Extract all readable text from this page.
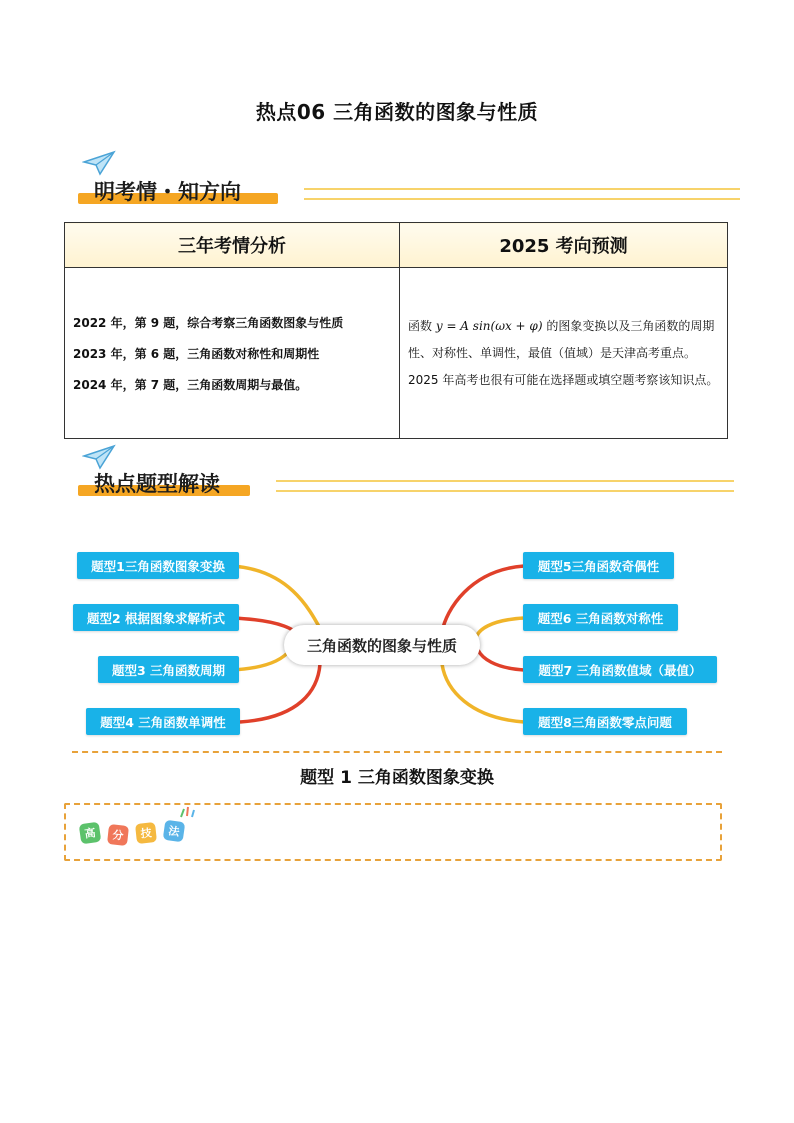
热点06 三角函数的图象与性质
明考情・知方向
三年考情分析	2025 考向预测

2022 年，第 9 题，综合考察三角函数图象与性质
2023 年，第 6 题，三角函数对称性和周期性
2024 年，第 7 题，三角函数周期与最值。	函数 y = A sin(ωx + φ) 的图象变换以及三角函数的周期性、对称性、单调性，最值（值域）是天津高考重点。2025 年高考也很有可能在选择题或填空题考察该知识点。
热点题型解读
题型1三角函数图象变换
题型2 根据图象求解析式
题型3 三角函数周期
题型4 三角函数单调性
三角函数的图象与性质
题型5三角函数奇偶性
题型6 三角函数对称性
题型7 三角函数值域（最值）
题型8三角函数零点问题
题型 1 三角函数图象变换
高	分	技	法
